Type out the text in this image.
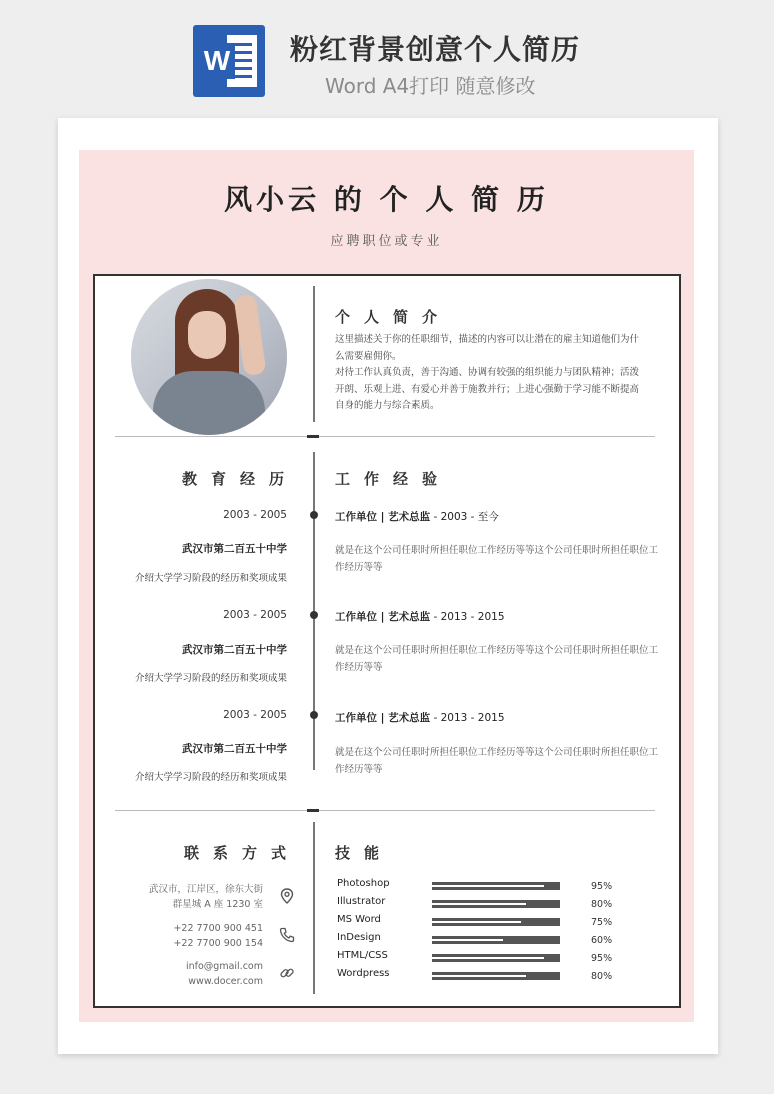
W 粉红背景创意个人简历
Word A4打印 随意修改
风小云 的 个 人 简 历
应聘职位或专业
个人简介
这里描述关于你的任职细节，描述的内容可以让潜在的雇主知道他们为什
么需要雇佣你。
对待工作认真负责，善于沟通、协调有较强的组织能力与团队精神；活泼
开朗、乐观上进、有爱心并善于施教并行；上进心强勤于学习能不断提高
自身的能力与综合素质。
教育经历
2003 - 2005
武汉市第二百五十中学
介绍大学学习阶段的经历和奖项成果
2003 - 2005
武汉市第二百五十中学
介绍大学学习阶段的经历和奖项成果
2003 - 2005
武汉市第二百五十中学
介绍大学学习阶段的经历和奖项成果
工作经验
工作单位 | 艺术总监 - 2003 - 至今
就是在这个公司任职时所担任职位工作经历等等这个公司任职时所担任职位工作经历等等
工作单位 | 艺术总监 - 2013 - 2015
就是在这个公司任职时所担任职位工作经历等等这个公司任职时所担任职位工作经历等等
工作单位 | 艺术总监 - 2013 - 2015
就是在这个公司任职时所担任职位工作经历等等这个公司任职时所担任职位工作经历等等
联系方式
武汉市，江岸区，徐东大街
群星城 A 座 1230 室
+22 7700 900 451
+22 7700 900 154
info@gmail.com
www.docer.com
技能
Photoshop	95%
Illustrator	80%
MS Word	75%
InDesign	60%
HTML/CSS	95%
Wordpress	80%
